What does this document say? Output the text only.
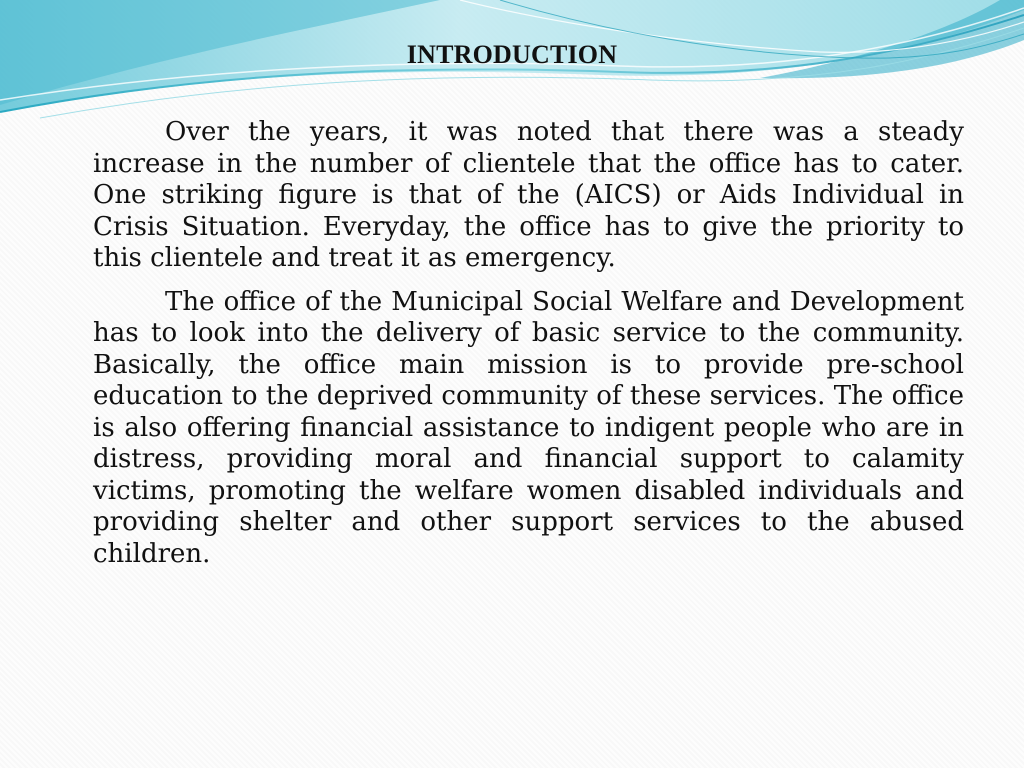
INTRODUCTION

Over the years, it was noted that there was a steady increase in the number of clientele that the office has to cater. One striking figure is that of the (AICS) or Aids Individual in Crisis Situation. Everyday, the office has to give the priority to this clientele and treat it as emergency.

The office of the Municipal Social Welfare and Development has to look into the delivery of basic service to the community. Basically, the office main mission is to provide pre-school education to the deprived community of these services. The office is also offering financial assistance to indigent people who are in distress, providing moral and financial support to calamity victims, promoting the welfare women disabled individuals and providing shelter and other support services to the abused children.
